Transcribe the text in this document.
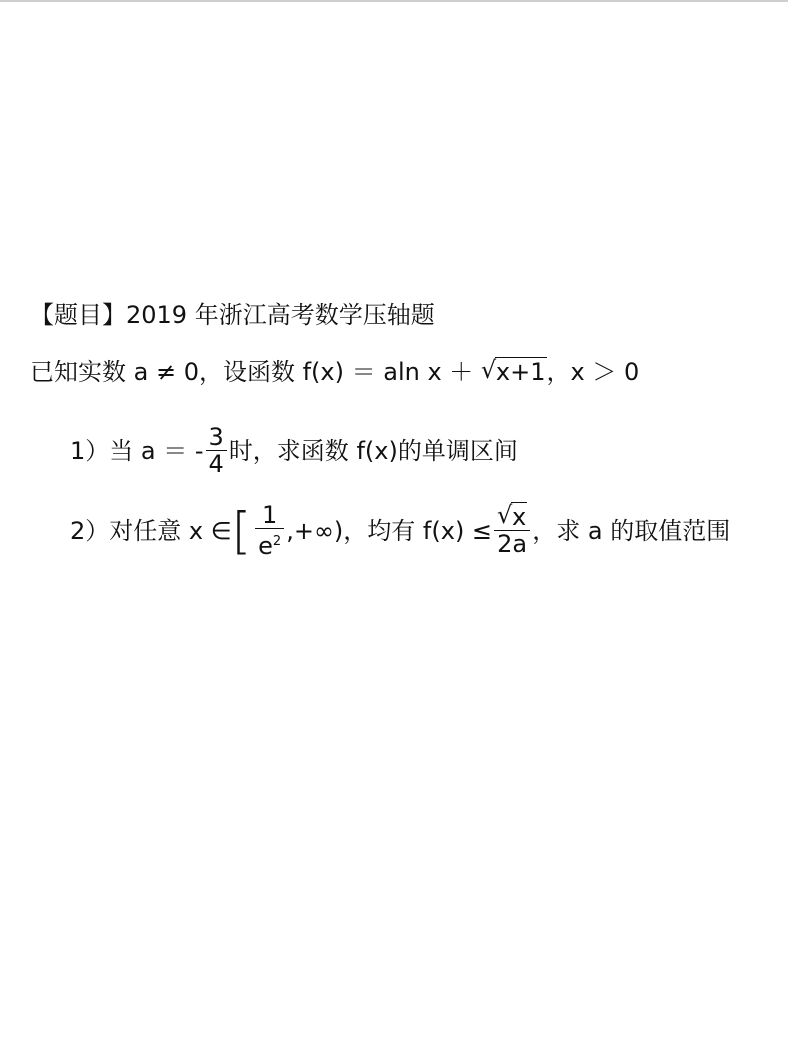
【题目】2019 年浙江高考数学压轴题
已知实数 a ≠ 0，设函数 f(x) ＝ aln x ＋ √ x+1，x ＞ 0
1）当 a ＝ - $\frac{3}{4}$ 时，求函数 f(x)的单调区间
2）对任意 x ∈ [ $\frac{1}{e^2}$ ,+∞) ，均有 $f(x) \le \frac{√ x}{2a}$ ，求 a 的取值范围
